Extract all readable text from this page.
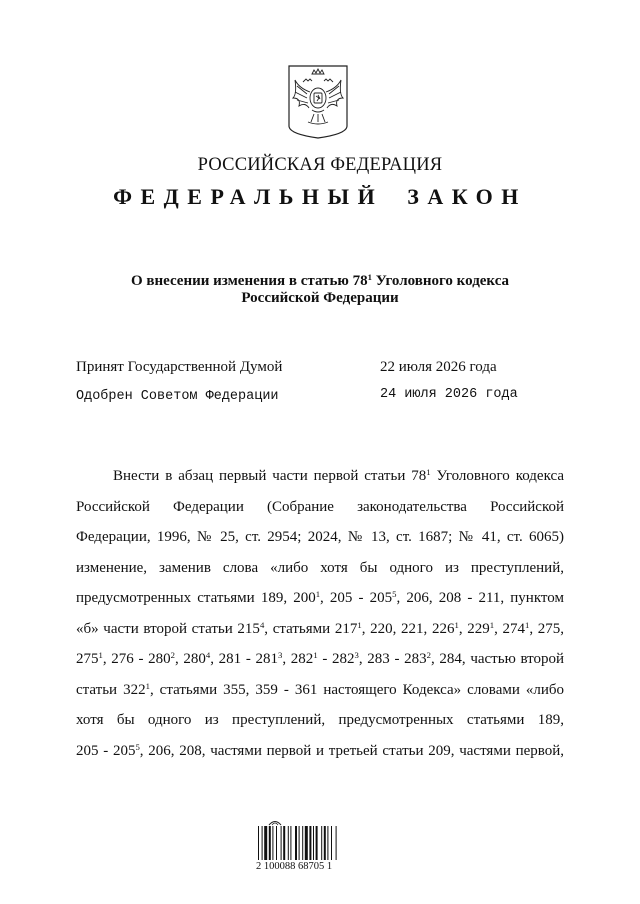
РОССИЙСКАЯ ФЕДЕРАЦИЯ
ФЕДЕРАЛЬНЫЙ ЗАКОН
О внесении изменения в статью $78^1$ Уголовного кодекса
Российской Федерации
Принят Государственной Думой	22 июля 2026 года
Одобрен Советом Федерации	24 июля 2026 года
Внести в абзац первый части первой статьи $78^1$ Уголовного кодекса
Российской Федерации (Собрание законодательства Российской
Федерации, 1996, № 25, ст. 2954; 2024, № 13, ст. 1687; № 41, ст. 6065)
изменение, заменив слова «либо хотя бы одного из преступлений,
предусмотренных статьями 189, $200^1$, $205 - 205^5$, 206, 208 - 211, пунктом
«б» части второй статьи $215^4$, статьями $217^1$, 220, 221, $226^1$, $229^1$, $274^1$, 275,
$275^1$, $276 - 280^2$, $280^4$, $281 - 281^3$, $282^1 - 282^3$, $283 - 283^2$, 284, частью второй
статьи $322^1$, статьями 355, 359 - 361 настоящего Кодекса» словами «либо
хотя бы одного из преступлений, предусмотренных статьями 189,
$205 - 205^5$, 206, 208, частями первой и третьей статьи 209, частями первой,
2 100088 68705 1
